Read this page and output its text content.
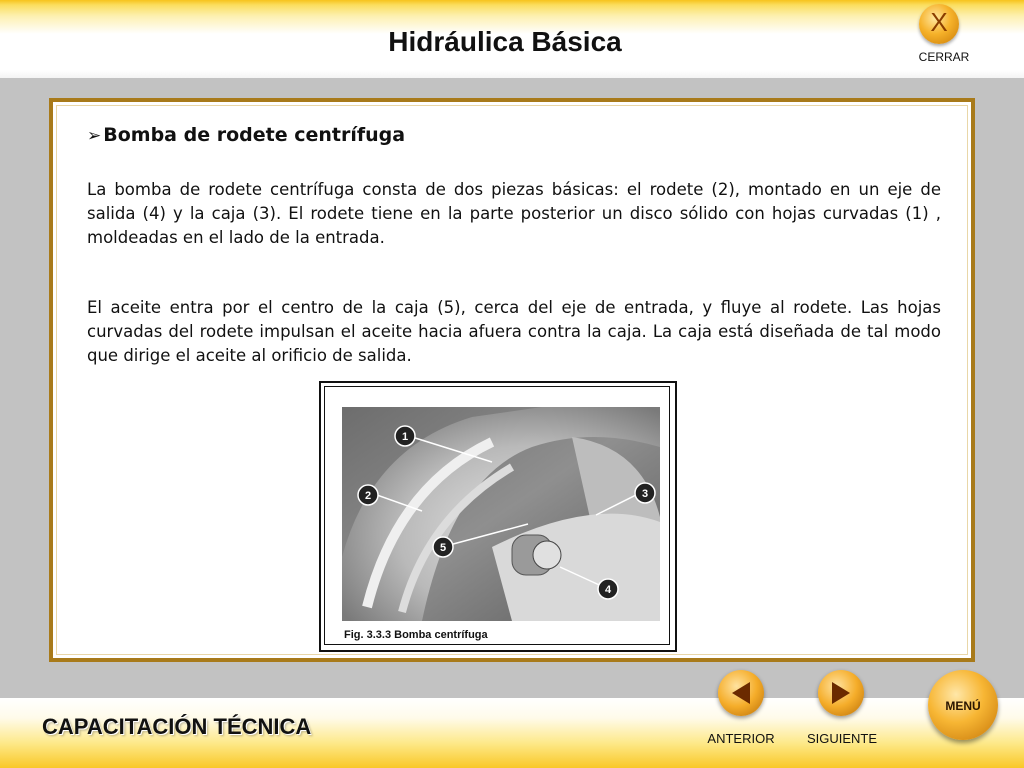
Hidráulica Básica
X
CERRAR
➢ Bomba de rodete centrífuga

La bomba de rodete centrífuga consta de dos piezas básicas: el rodete (2), montado en un eje de salida (4) y la caja (3). El rodete tiene en la parte posterior un disco sólido con hojas curvadas (1) , moldeadas en el lado de la entrada.

El aceite entra por el centro de la caja (5), cerca del eje de entrada, y fluye al rodete. Las hojas curvadas del rodete impulsan el aceite hacia afuera contra la caja. La caja está diseñada de tal modo que dirige el aceite al orificio de salida.

1
2	3
4
5
Fig. 3.3.3 Bomba centrífuga
CAPACITACIÓN TÉCNICA	ANTERIOR	SIGUIENTE
MENÚ
